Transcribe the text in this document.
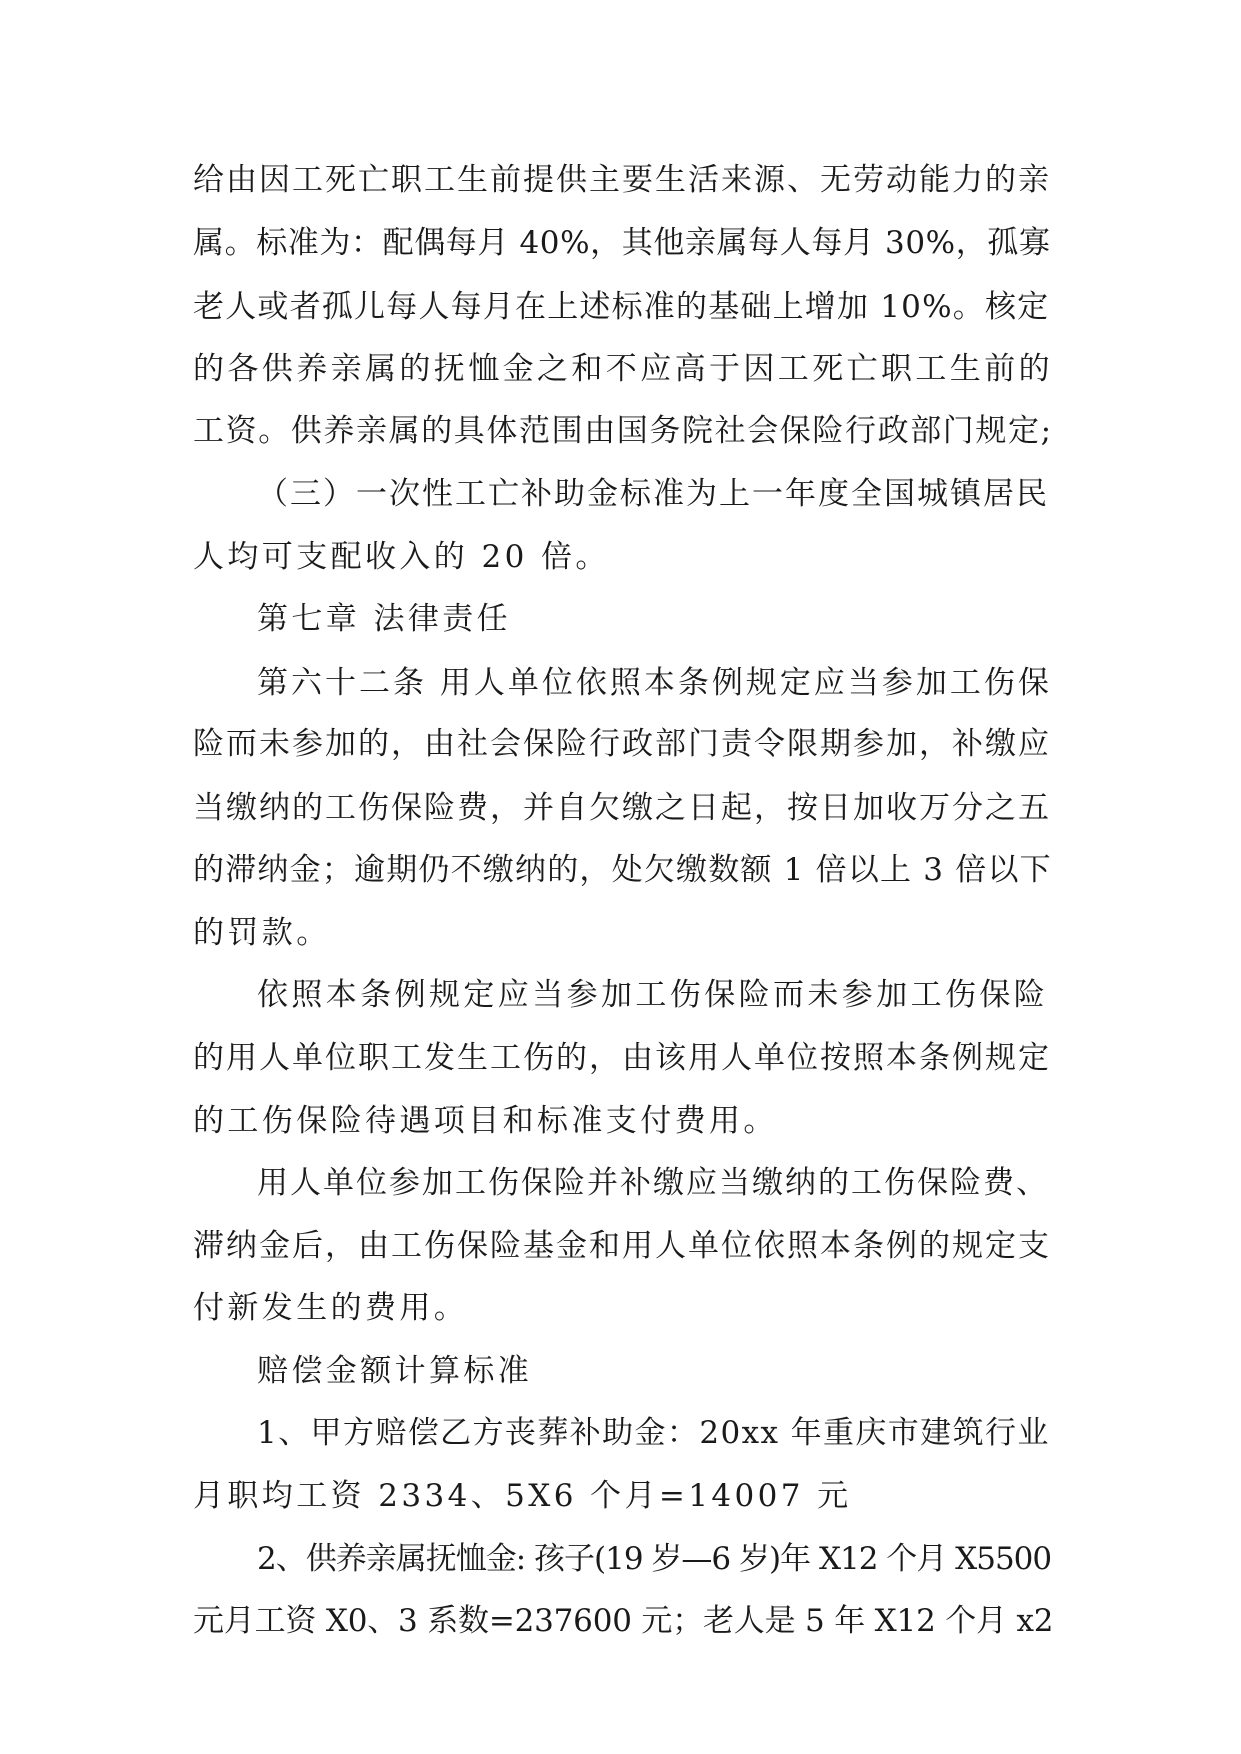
给由因工死亡职工生前提供主要生活来源、无劳动能力的亲
属。标准为：配偶每月 40%，其他亲属每人每月 30%，孤寡
老人或者孤儿每人每月在上述标准的基础上增加 10%。核定
的各供养亲属的抚恤金之和不应高于因工死亡职工生前的
工资。供养亲属的具体范围由国务院社会保险行政部门规定;
（三）一次性工亡补助金标准为上一年度全国城镇居民
人均可支配收入的 20 倍。
第七章 法律责任
第六十二条 用人单位依照本条例规定应当参加工伤保
险而未参加的，由社会保险行政部门责令限期参加，补缴应
当缴纳的工伤保险费，并自欠缴之日起，按日加收万分之五
的滞纳金；逾期仍不缴纳的，处欠缴数额 1 倍以上 3 倍以下
的罚款。
依照本条例规定应当参加工伤保险而未参加工伤保险
的用人单位职工发生工伤的，由该用人单位按照本条例规定
的工伤保险待遇项目和标准支付费用。
用人单位参加工伤保险并补缴应当缴纳的工伤保险费、
滞纳金后，由工伤保险基金和用人单位依照本条例的规定支
付新发生的费用。
赔偿金额计算标准
1、甲方赔偿乙方丧葬补助金：20xx 年重庆市建筑行业
月职均工资 2334、5X6 个月=14007 元
2、供养亲属抚恤金: 孩子(19 岁—6 岁)年 X12 个月 X5500
元月工资 X0、3 系数=237600 元；老人是 5 年 X12 个月 x2
